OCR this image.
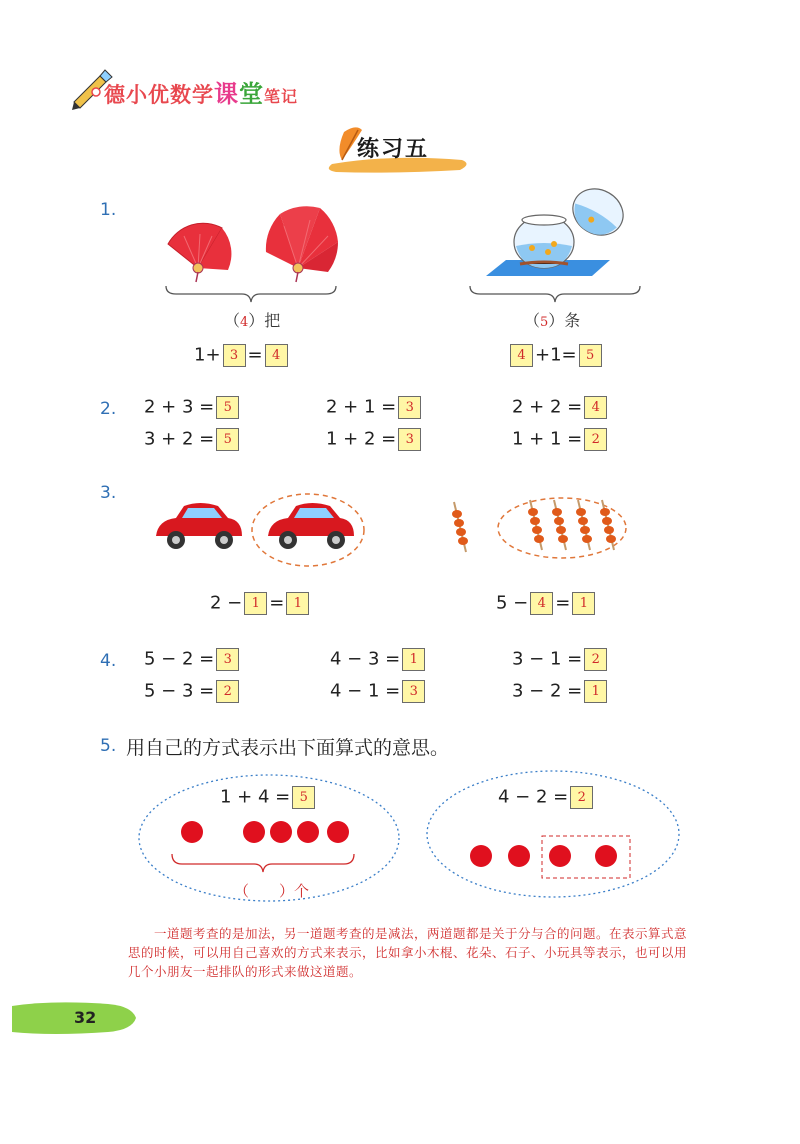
德小优数学课堂笔记
练习五
1.
（4）把	（5）条
1+ 3 = 4	4 +1= 5
2. 2 + 3 = 5	2 + 1 = 3	2 + 2 = 4
3 + 2 = 5	1 + 2 = 3	1 + 1 = 2
3.
2 − 1 = 1	5 − 4 = 1
4. 5 − 2 = 3	4 − 3 = 1	3 − 1 = 2
5 − 3 = 2	4 − 1 = 3	3 − 2 = 1
5. 用自己的方式表示出下面算式的意思。
1 + 4 = 5
（　　）个
4 − 2 = 2
一道题考查的是加法，另一道题考查的是减法，两道题都是关于分与合的问题。在表示算式意思的时候，可以用自己喜欢的方式来表示，比如拿小木棍、花朵、石子、小玩具等表示，也可以用几个小朋友一起排队的形式来做这道题。
32
